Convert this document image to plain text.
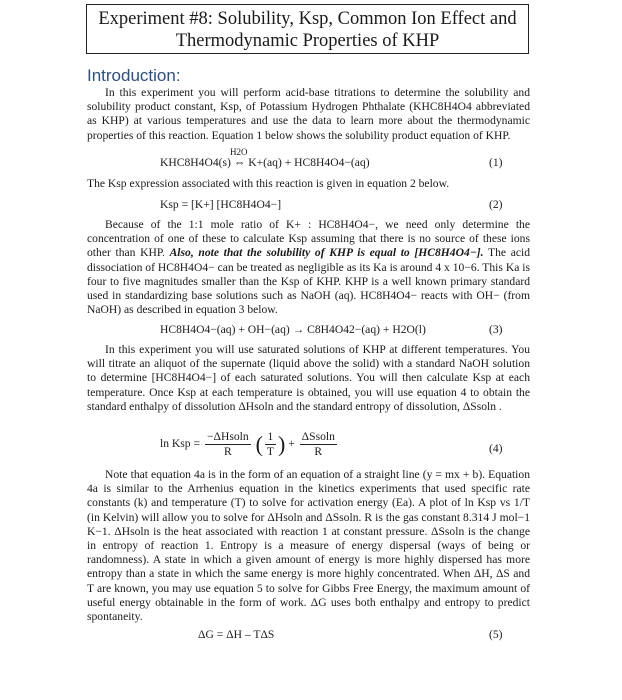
Experiment #8: Solubility, Ksp, Common Ion Effect and
Thermodynamic Properties of KHP
Introduction:

In this experiment you will perform acid-base titrations to determine the solubility and solubility product constant, Ksp, of Potassium Hydrogen Phthalate (KHC8H4O4 abbreviated as KHP) at various temperatures and use the data to learn more about the thermodynamic properties of this reaction. Equation 1 below shows the solubility product equation of KHP.

H2O
KHC8H4O4(s) ⇔ K+(aq) + HC8H4O4−(aq)	(1)

The Ksp expression associated with this reaction is given in equation 2 below.

Ksp = [K+] [HC8H4O4−]	(2)

Because of the 1:1 mole ratio of K+ : HC8H4O4−, we need only determine the concentration of one of these to calculate Ksp assuming that there is no source of these ions other than KHP. Also, note that the solubility of KHP is equal to [HC8H4O4−]. The acid dissociation of HC8H4O4− can be treated as negligible as its Ka is around 4 x 10−6. This Ka is four to five magnitudes smaller than the Ksp of KHP. KHP is a well known primary standard used in standardizing base solutions such as NaOH (aq). HC8H4O4− reacts with OH− (from NaOH) as described in equation 3 below.

HC8H4O4−(aq) + OH−(aq) → C8H4O42−(aq) + H2O(l)	(3)

In this experiment you will use saturated solutions of KHP at different temperatures. You will titrate an aliquot of the supernate (liquid above the solid) with a standard NaOH solution to determine [HC8H4O4−] of each saturated solutions. You will then calculate Ksp at each temperature. Once Ksp at each temperature is obtained, you will use equation 4 to obtain the standard enthalpy of dissolution ΔHsoln and the standard entropy of dissolution, ΔSsoln .

ln Ksp = $\frac{\text{−ΔHsoln}}{R}$ ( $\frac{1}{T}$ ) + $\frac{\text{ΔSsoln}}{R}$	(4)

Note that equation 4a is in the form of an equation of a straight line (y = mx + b). Equation 4a is similar to the Arrhenius equation in the kinetics experiments that used specific rate constants (k) and temperature (T) to solve for activation energy (Ea). A plot of ln Ksp vs 1/T (in Kelvin) will allow you to solve for ΔHsoln and ΔSsoln. R is the gas constant 8.314 J mol−1 K−1. ΔHsoln is the heat associated with reaction 1 at constant pressure. ΔSsoln is the change in entropy of reaction 1. Entropy is a measure of energy dispersal (ways of being or randomness). A state in which a given amount of energy is more highly dispersed has more entropy than a state in which the same energy is more highly concentrated. When ΔH, ΔS and T are known, you may use equation 5 to solve for Gibbs Free Energy, the maximum amount of useful energy obtainable in the form of work. ΔG uses both enthalpy and entropy to predict spontaneity.

ΔG = ΔH – TΔS	(5)
